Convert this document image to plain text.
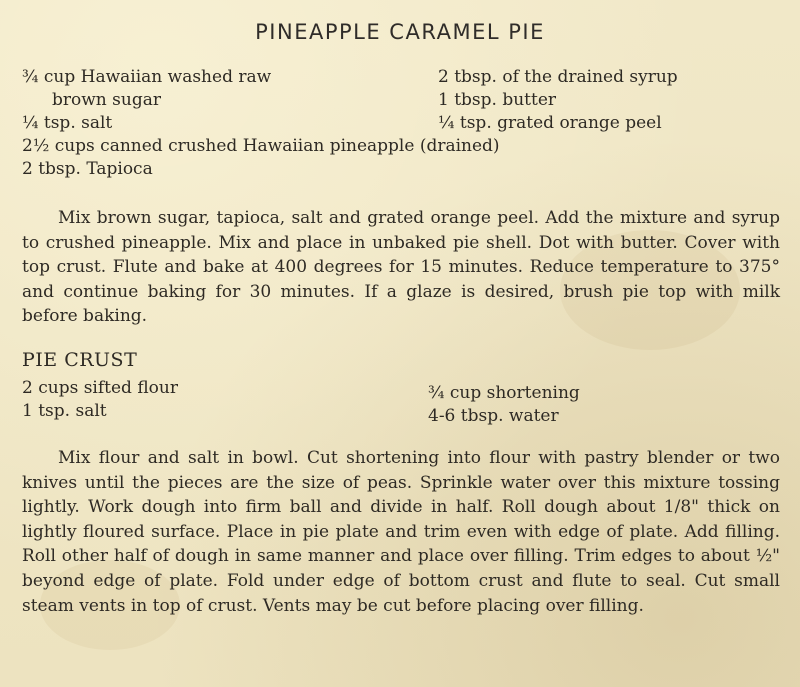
PINEAPPLE CARAMEL PIE
¾ cup Hawaiian washed raw
brown sugar
¼ tsp. salt
2½ cups canned crushed Hawaiian pineapple (drained)
2 tbsp. Tapioca
2 tbsp. of the drained syrup
1 tbsp. butter
¼ tsp. grated orange peel
Mix brown sugar, tapioca, salt and grated orange peel. Add the mixture and syrup to crushed pineapple. Mix and place in unbaked pie shell. Dot with butter. Cover with top crust. Flute and bake at 400 degrees for 15 minutes. Reduce temperature to 375° and continue baking for 30 minutes. If a glaze is desired, brush pie top with milk before baking.
PIE CRUST
2 cups sifted flour
1 tsp. salt
¾ cup shortening
4-6 tbsp. water
Mix flour and salt in bowl. Cut shortening into flour with pastry blender or two knives until the pieces are the size of peas. Sprinkle water over this mixture tossing lightly. Work dough into firm ball and divide in half. Roll dough about 1/8" thick on lightly floured surface. Place in pie plate and trim even with edge of plate. Add filling. Roll other half of dough in same manner and place over filling. Trim edges to about ½" beyond edge of plate. Fold under edge of bottom crust and flute to seal. Cut small steam vents in top of crust. Vents may be cut before placing over filling.
